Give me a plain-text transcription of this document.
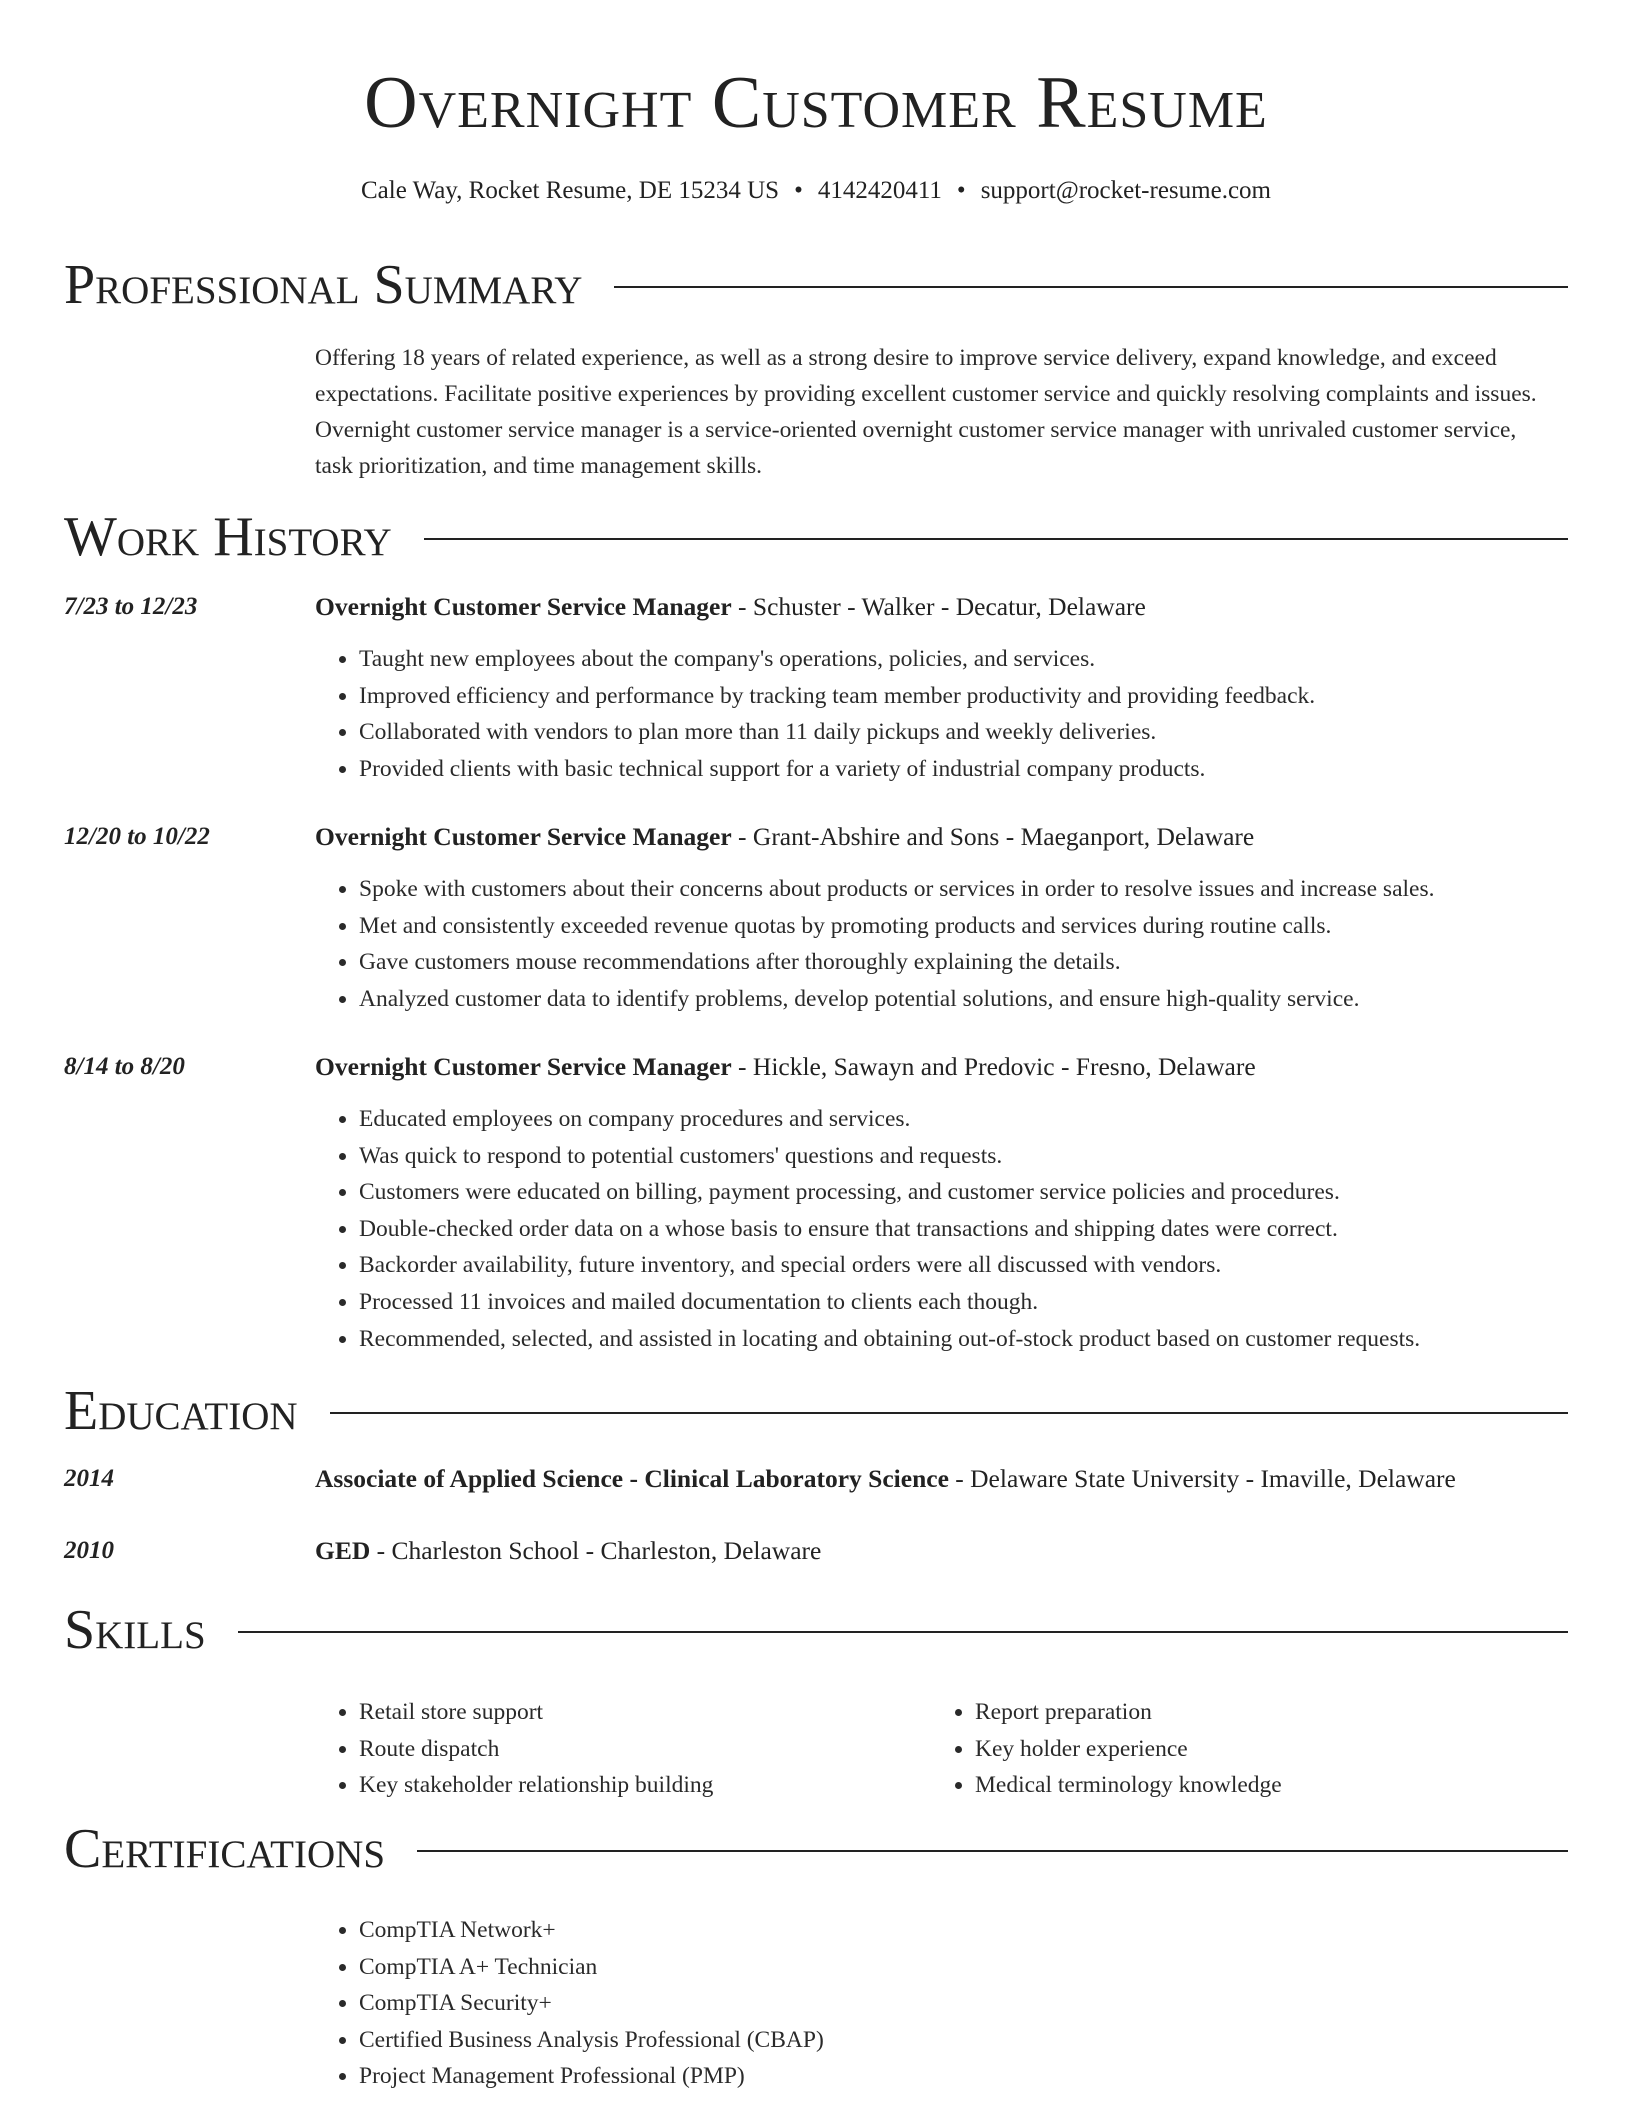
Overnight Customer Resume
Cale Way, Rocket Resume, DE 15234 US • 4142420411 • support@rocket-resume.com
Professional Summary

Offering 18 years of related experience, as well as a strong desire to improve service delivery, expand knowledge, and exceed expectations. Facilitate positive experiences by providing excellent customer service and quickly resolving complaints and issues. Overnight customer service manager is a service-oriented overnight customer service manager with unrivaled customer service, task prioritization, and time management skills.

Work History
7/23 to 12/23	Overnight Customer Service Manager - Schuster - Walker - Decatur, Delaware
• Taught new employees about the company's operations, policies, and services.
• Improved efficiency and performance by tracking team member productivity and providing feedback.
• Collaborated with vendors to plan more than 11 daily pickups and weekly deliveries.
• Provided clients with basic technical support for a variety of industrial company products.
12/20 to 10/22	Overnight Customer Service Manager - Grant-Abshire and Sons - Maeganport, Delaware
• Spoke with customers about their concerns about products or services in order to resolve issues and increase sales.
• Met and consistently exceeded revenue quotas by promoting products and services during routine calls.
• Gave customers mouse recommendations after thoroughly explaining the details.
• Analyzed customer data to identify problems, develop potential solutions, and ensure high-quality service.
8/14 to 8/20	Overnight Customer Service Manager - Hickle, Sawayn and Predovic - Fresno, Delaware
• Educated employees on company procedures and services.
• Was quick to respond to potential customers' questions and requests.
• Customers were educated on billing, payment processing, and customer service policies and procedures.
• Double-checked order data on a whose basis to ensure that transactions and shipping dates were correct.
• Backorder availability, future inventory, and special orders were all discussed with vendors.
• Processed 11 invoices and mailed documentation to clients each though.
• Recommended, selected, and assisted in locating and obtaining out-of-stock product based on customer requests.
Education
2014	Associate of Applied Science - Clinical Laboratory Science - Delaware State University - Imaville, Delaware
2010	GED - Charleston School - Charleston, Delaware
Skills
• Retail store support
• Route dispatch
• Key stakeholder relationship building
• Report preparation
• Key holder experience
• Medical terminology knowledge
Certifications
• CompTIA Network+
• CompTIA A+ Technician
• CompTIA Security+
• Certified Business Analysis Professional (CBAP)
• Project Management Professional (PMP)
